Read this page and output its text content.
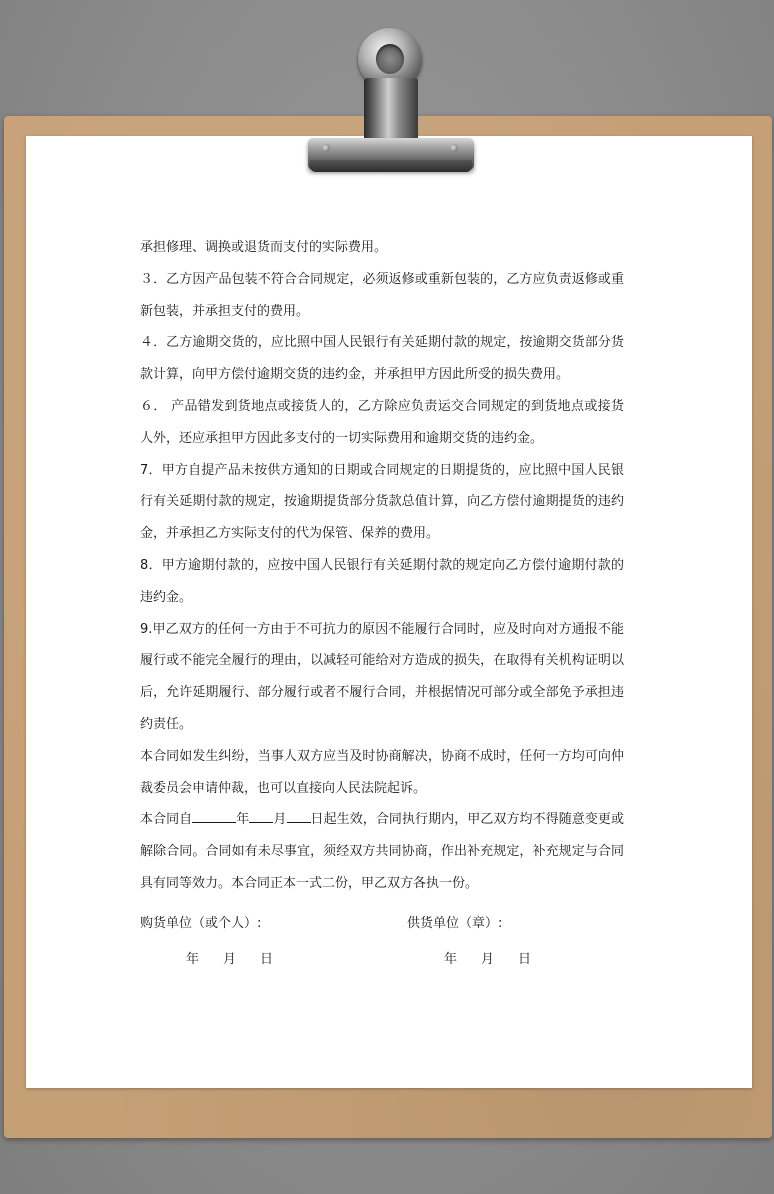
承担修理、调换或退货而支付的实际费用。

３．乙方因产品包装不符合合同规定，必须返修或重新包装的，乙方应负责返修或重新包装，并承担支付的费用。

４．乙方逾期交货的，应比照中国人民银行有关延期付款的规定，按逾期交货部分货款计算，向甲方偿付逾期交货的违约金，并承担甲方因此所受的损失费用。

６． 产品错发到货地点或接货人的，乙方除应负责运交合同规定的到货地点或接货人外，还应承担甲方因此多支付的一切实际费用和逾期交货的违约金。

7．甲方自提产品未按供方通知的日期或合同规定的日期提货的，应比照中国人民银行有关延期付款的规定，按逾期提货部分货款总值计算，向乙方偿付逾期提货的违约金，并承担乙方实际支付的代为保管、保养的费用。

8．甲方逾期付款的，应按中国人民银行有关延期付款的规定向乙方偿付逾期付款的违约金。

9.甲乙双方的任何一方由于不可抗力的原因不能履行合同时，应及时向对方通报不能履行或不能完全履行的理由，以减轻可能给对方造成的损失，在取得有关机构证明以后，允许延期履行、部分履行或者不履行合同，并根据情况可部分或全部免予承担违约责任。

本合同如发生纠纷，当事人双方应当及时协商解决，协商不成时，任何一方均可向仲裁委员会申请仲裁，也可以直接向人民法院起诉。

本合同自	年 月 日起生效，合同执行期内，甲乙双方均不得随意变更或解除合同。合同如有未尽事宜，须经双方共同协商，作出补充规定，补充规定与合同具有同等效力。本合同正本一式二份，甲乙双方各执一份。

购货单位（或个人）:	供货单位（章）:
年 月 日	年 月 日
